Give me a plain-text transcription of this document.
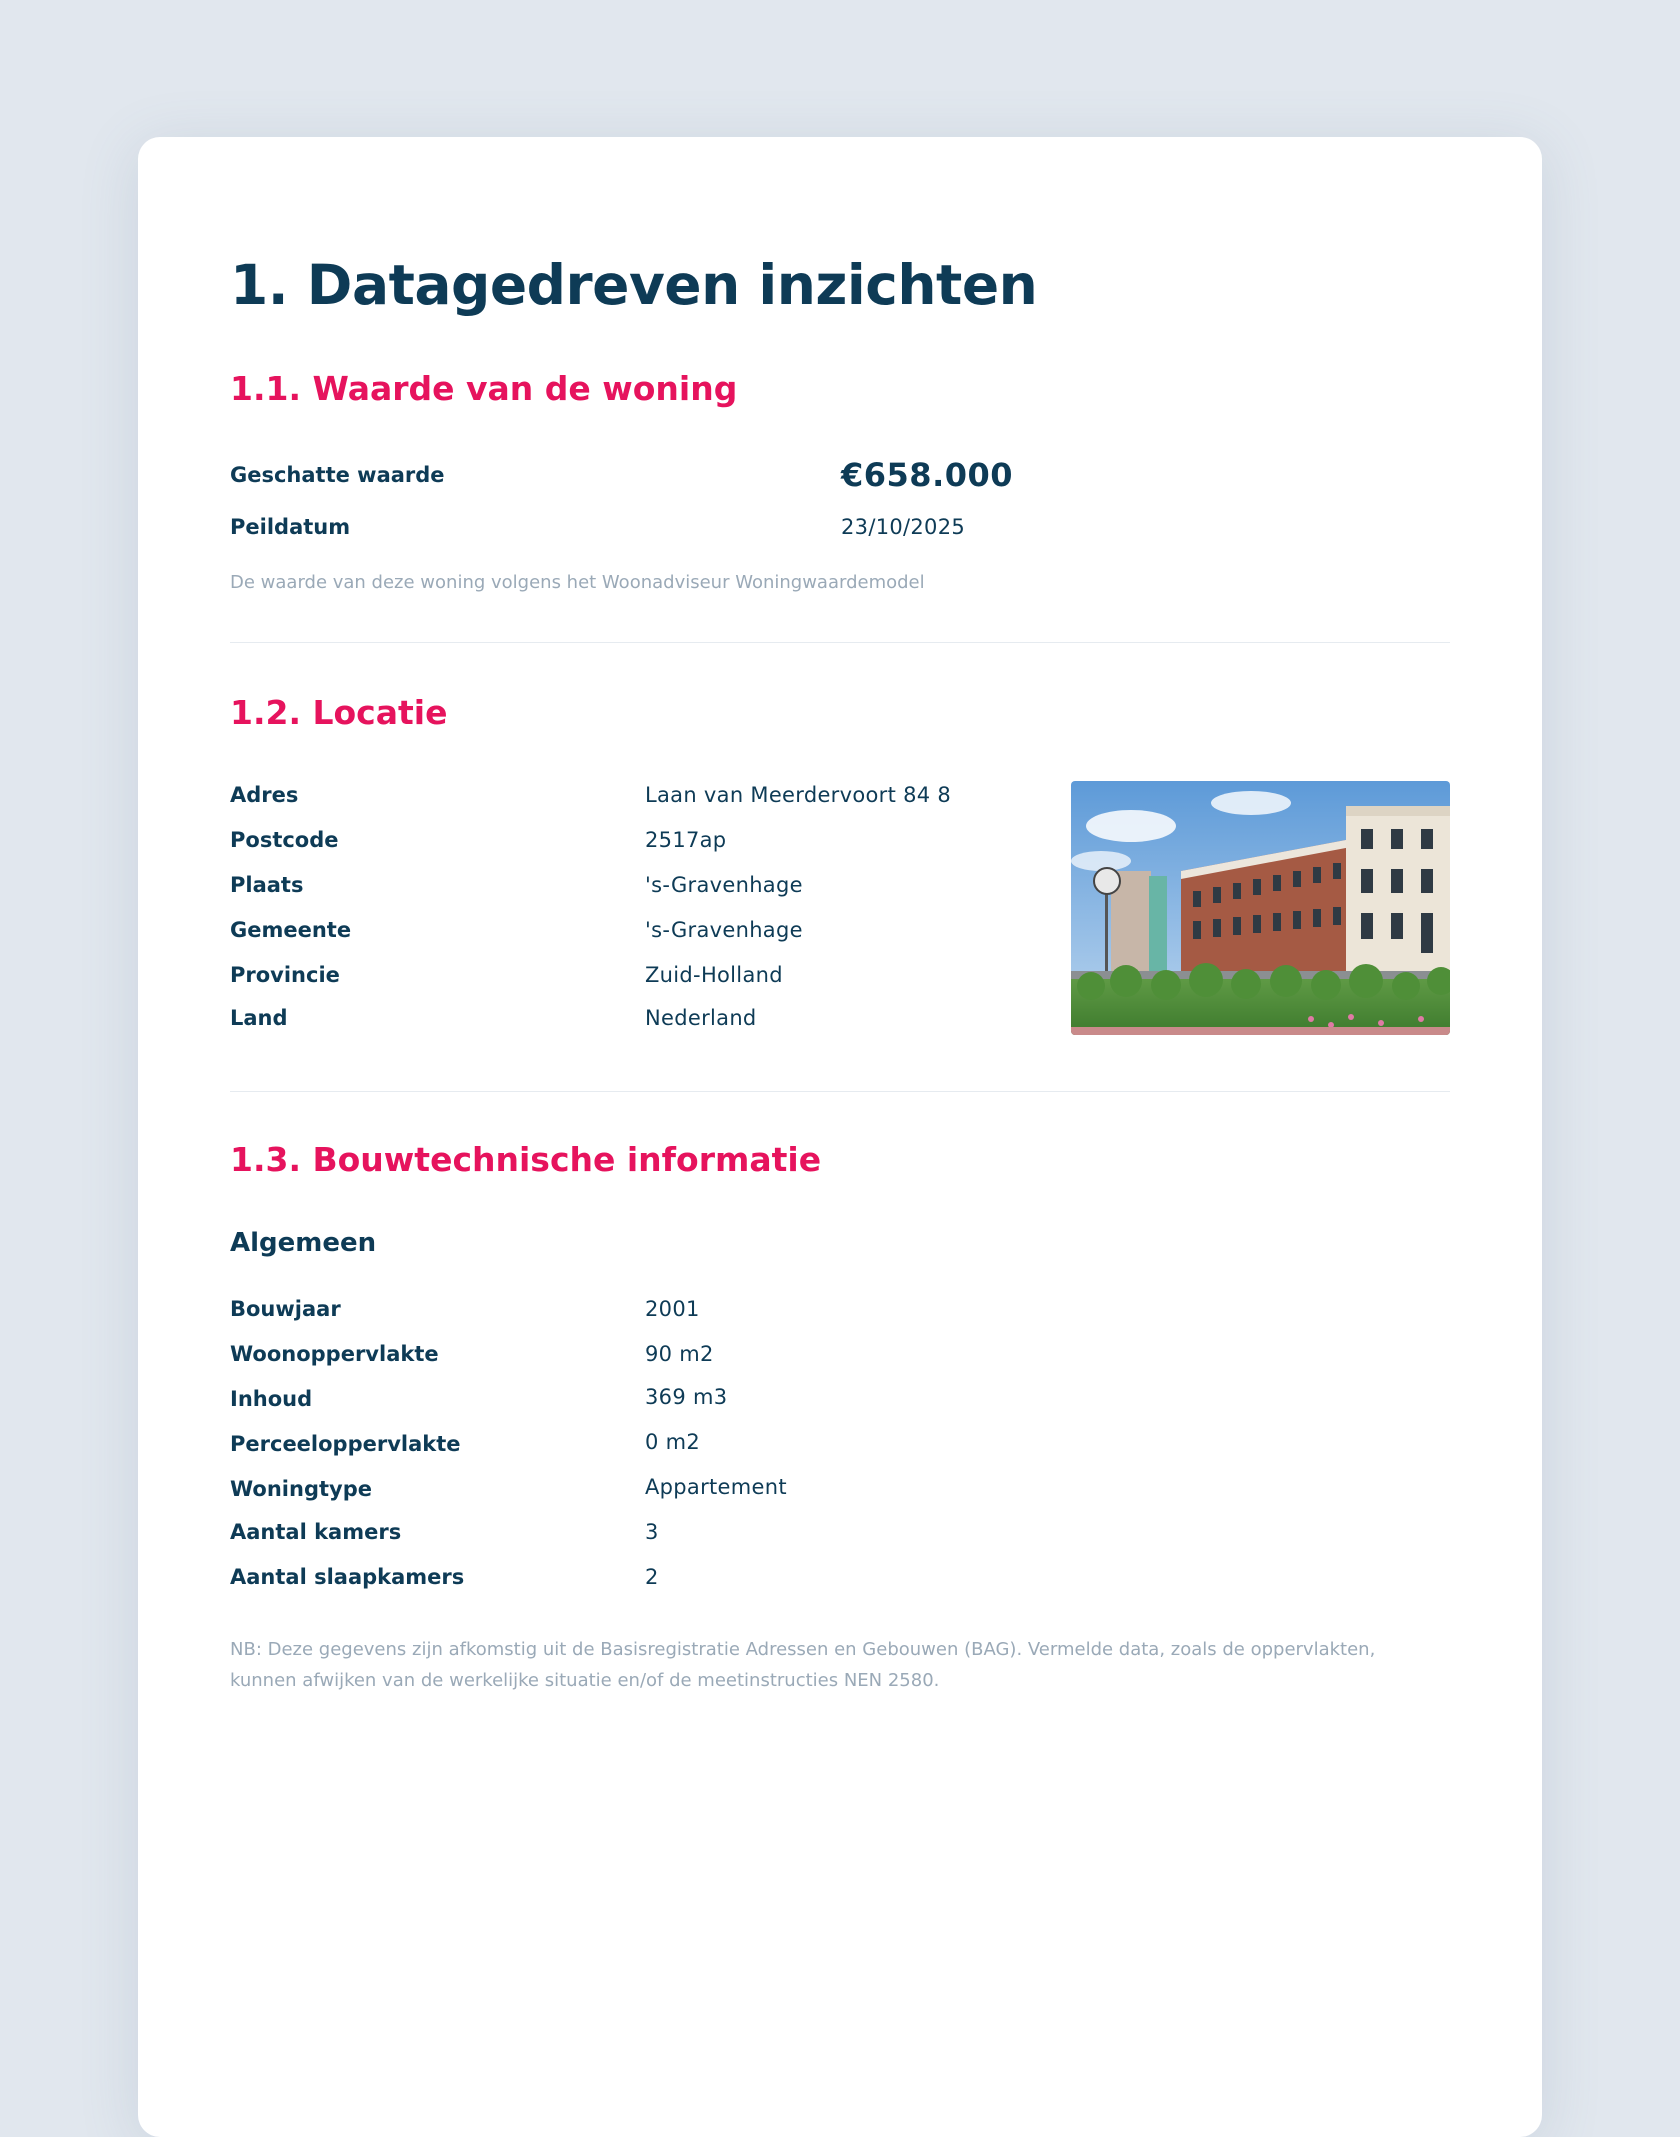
1. Datagedreven inzichten
1.1. Waarde van de woning
Geschatte waarde	€658.000
Peildatum	23/10/2025
De waarde van deze woning volgens het Woonadviseur Woningwaardemodel
1.2. Locatie
Adres	Laan van Meerdervoort 84 8
Postcode	2517ap
Plaats	's-Gravenhage
Gemeente	's-Gravenhage
Provincie	Zuid-Holland
Land	Nederland
1.3. Bouwtechnische informatie
Algemeen
Bouwjaar	2001
Woonoppervlakte	90 m2
Inhoud	369 m3
Perceeloppervlakte	0 m2
Woningtype	Appartement
Aantal kamers	3
Aantal slaapkamers	2
NB: Deze gegevens zijn afkomstig uit de Basisregistratie Adressen en Gebouwen (BAG). Vermelde data, zoals de oppervlakten,
kunnen afwijken van de werkelijke situatie en/of de meetinstructies NEN 2580.
